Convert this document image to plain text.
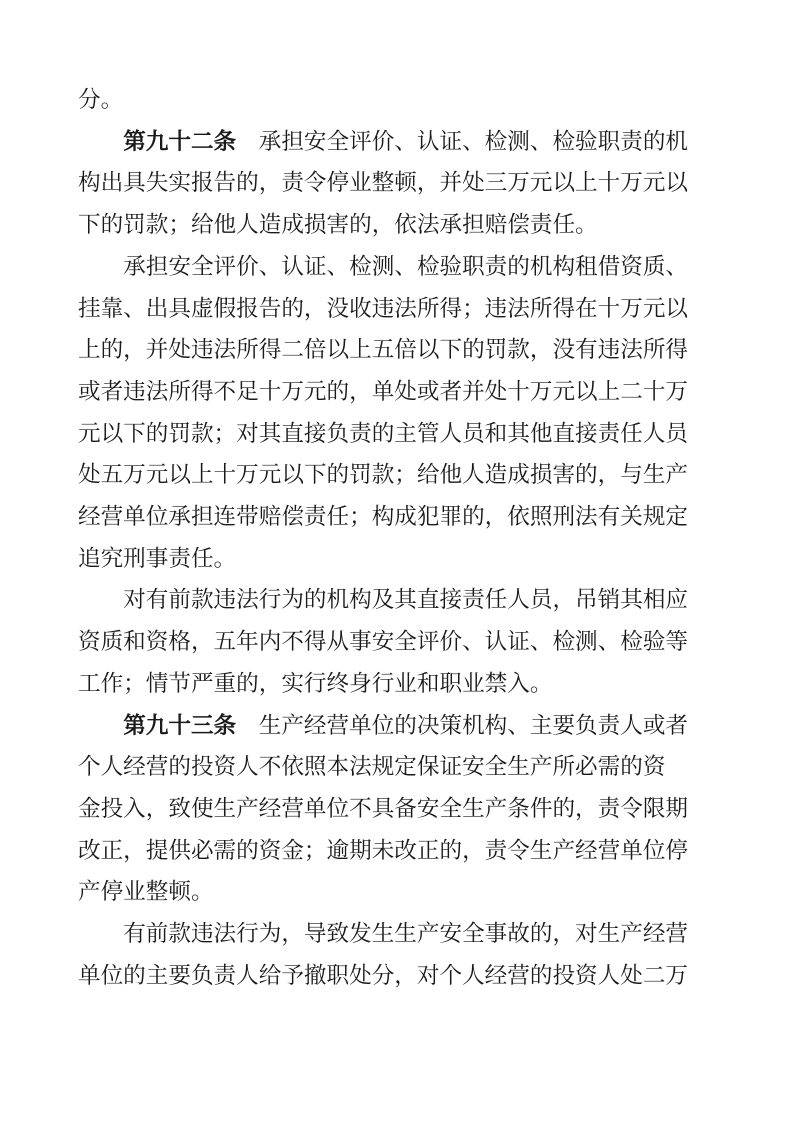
分。

第九十二条 承担安全评价、认证、检测、检验职责的机
构出具失实报告的，责令停业整顿，并处三万元以上十万元以
下的罚款；给他人造成损害的，依法承担赔偿责任。

承担安全评价、认证、检测、检验职责的机构租借资质、
挂靠、出具虚假报告的，没收违法所得；违法所得在十万元以
上的，并处违法所得二倍以上五倍以下的罚款，没有违法所得
或者违法所得不足十万元的，单处或者并处十万元以上二十万
元以下的罚款；对其直接负责的主管人员和其他直接责任人员
处五万元以上十万元以下的罚款；给他人造成损害的，与生产
经营单位承担连带赔偿责任；构成犯罪的，依照刑法有关规定
追究刑事责任。

对有前款违法行为的机构及其直接责任人员，吊销其相应
资质和资格，五年内不得从事安全评价、认证、检测、检验等
工作；情节严重的，实行终身行业和职业禁入。

第九十三条 生产经营单位的决策机构、主要负责人或者
个人经营的投资人不依照本法规定保证安全生产所必需的资
金投入，致使生产经营单位不具备安全生产条件的，责令限期
改正，提供必需的资金；逾期未改正的，责令生产经营单位停
产停业整顿。

有前款违法行为，导致发生生产安全事故的，对生产经营
单位的主要负责人给予撤职处分，对个人经营的投资人处二万
